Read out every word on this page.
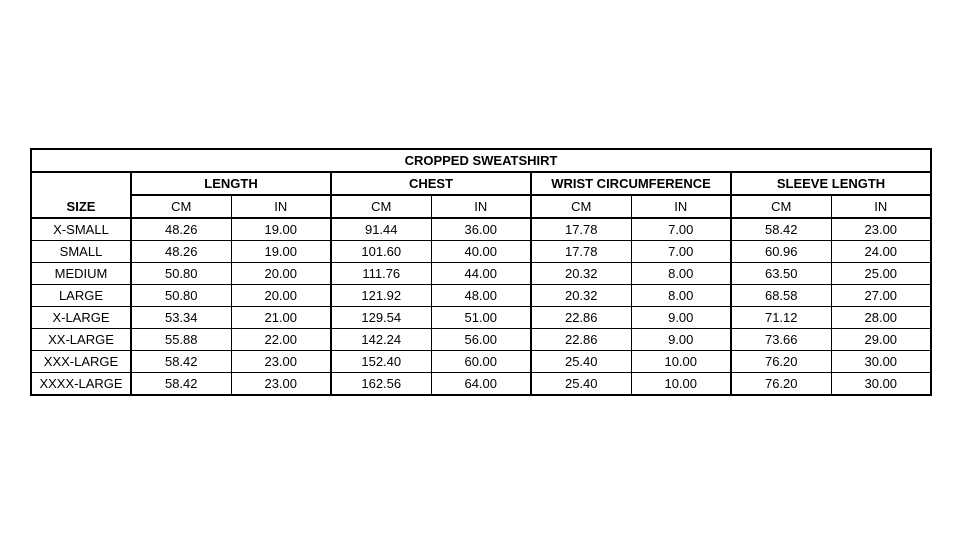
CROPPED SWEATSHIRT								
SIZE	LENGTH		CHEST		WRIST CIRCUMFERENCE		SLEEVE LENGTH	
	CM	IN	CM	IN	CM	IN	CM	IN
X-SMALL	48.26	19.00	91.44	36.00	17.78	7.00	58.42	23.00
SMALL	48.26	19.00	101.60	40.00	17.78	7.00	60.96	24.00
MEDIUM	50.80	20.00	111.76	44.00	20.32	8.00	63.50	25.00
LARGE	50.80	20.00	121.92	48.00	20.32	8.00	68.58	27.00
X-LARGE	53.34	21.00	129.54	51.00	22.86	9.00	71.12	28.00
XX-LARGE	55.88	22.00	142.24	56.00	22.86	9.00	73.66	29.00
XXX-LARGE	58.42	23.00	152.40	60.00	25.40	10.00	76.20	30.00
XXXX-LARGE	58.42	23.00	162.56	64.00	25.40	10.00	76.20	30.00
